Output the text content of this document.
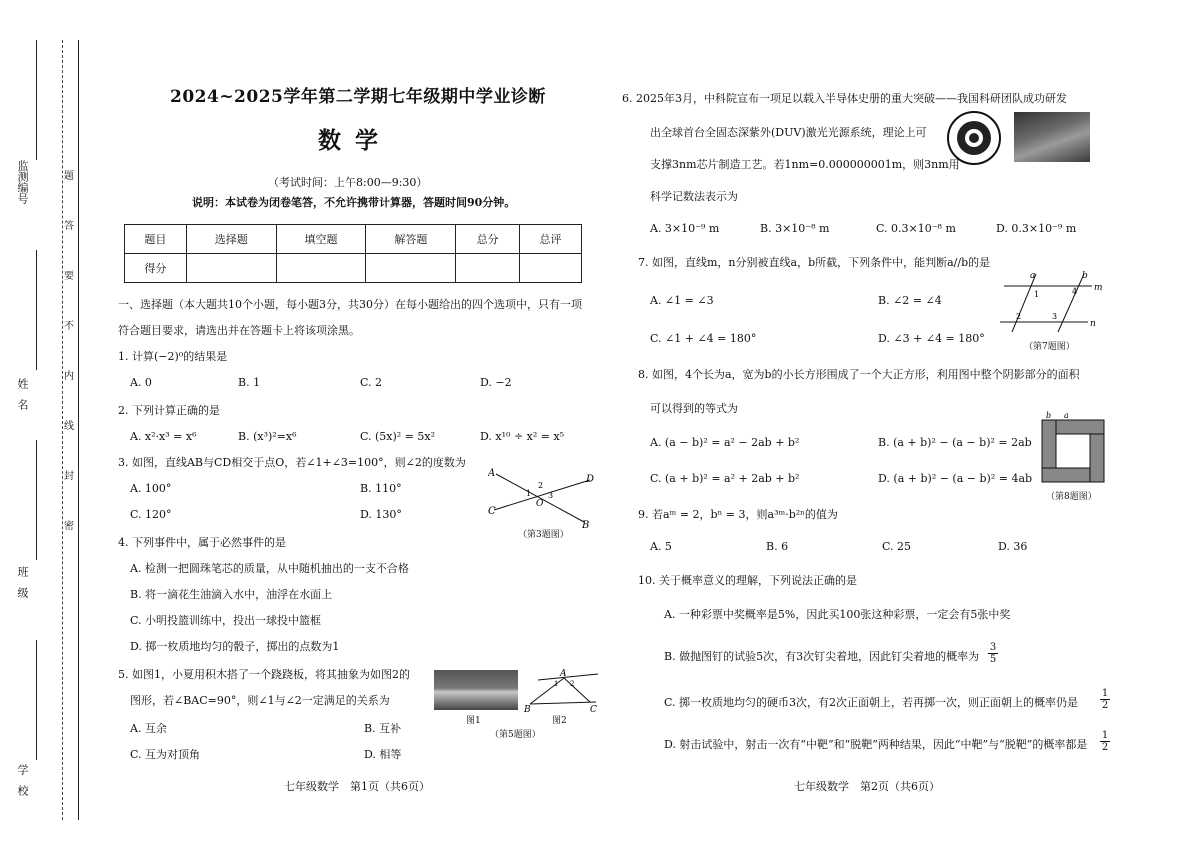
监测编号
姓名
班级
学校
密
封
线
内
不
要
答
题
2024~2025学年第二学期七年级期中学业诊断
数学
（考试时间：上午8:00—9:30）
说明：本试卷为闭卷笔答，不允许携带计算器，答题时间90分钟。
题目	选择题	填空题	解答题	总分	总评
得分					
一、选择题（本大题共10个小题，每小题3分，共30分）在每小题给出的四个选项中，只有一项
符合题目要求，请选出并在答题卡上将该项涂黑。
1. 计算(−2)⁰的结果是
A. 0	B. 1	C. 2	D. −2
2. 下列计算正确的是
A. x²·x³ = x⁶	B. (x³)²=x⁶	C. (5x)² = 5x²	D. x¹⁰ ÷ x² = x⁵
3. 如图，直线AB与CD相交于点O，若∠1+∠3=100°，则∠2的度数为
A. 100°	B. 110°
C. 120°	D. 130°
A
B
C
D
O
1
2
3
（第3题图）
4. 下列事件中，属于必然事件的是
A. 检测一把圆珠笔芯的质量，从中随机抽出的一支不合格
B. 将一滴花生油滴入水中，油浮在水面上
C. 小明投篮训练中，投出一球投中篮框
D. 掷一枚质地均匀的骰子，掷出的点数为1
5. 如图1，小夏用积木搭了一个跷跷板，将其抽象为如图2的
图形，若∠BAC=90°，则∠1与∠2一定满足的关系为
A. 互余	B. 互补
C. 互为对顶角	D. 相等
图1
A
B	C
1 2
图2
（第5题图）
七年级数学　第1页（共6页）
6. 2025年3月，中科院宣布一项足以载入半导体史册的重大突破——我国科研团队成功研发
出全球首台全固态深紫外(DUV)激光光源系统，理论上可
支撑3nm芯片制造工艺。若1nm=0.000000001m，则3nm用
科学记数法表示为
A. 3×10⁻⁹ m	B. 3×10⁻⁸ m	C. 0.3×10⁻⁸ m	D. 0.3×10⁻⁹ m
7. 如图，直线m，n分别被直线a，b所截，下列条件中，能判断a//b的是
A. ∠1 = ∠3	B. ∠2 = ∠4
C. ∠1 + ∠4 = 180°	D. ∠3 + ∠4 = 180°
a	b
m
n
1
2	3
4
（第7题图）
8. 如图，4个长为a，宽为b的小长方形围成了一个大正方形，利用图中整个阴影部分的面积
可以得到的等式为
A. (a − b)² = a² − 2ab + b²	B. (a + b)² − (a − b)² = 2ab
C. (a + b)² = a² + 2ab + b²	D. (a + b)² − (a − b)² = 4ab
b a
（第8题图）
9. 若aᵐ = 2，bⁿ = 3，则a³ᵐ·b²ⁿ的值为
A. 5	B. 6	C. 25	D. 36
10. 关于概率意义的理解，下列说法正确的是
A. 一种彩票中奖概率是5%，因此买100张这种彩票，一定会有5张中奖
B. 做抛图钉的试验5次，有3次钉尖着地，因此钉尖着地的概率为
3
5
C. 掷一枚质地均匀的硬币3次，有2次正面朝上，若再掷一次，则正面朝上的概率仍是
1
2
D. 射击试验中，射击一次有“中靶”和“脱靶”两种结果，因此“中靶”与“脱靶”的概率都是
1
2
七年级数学　第2页（共6页）
